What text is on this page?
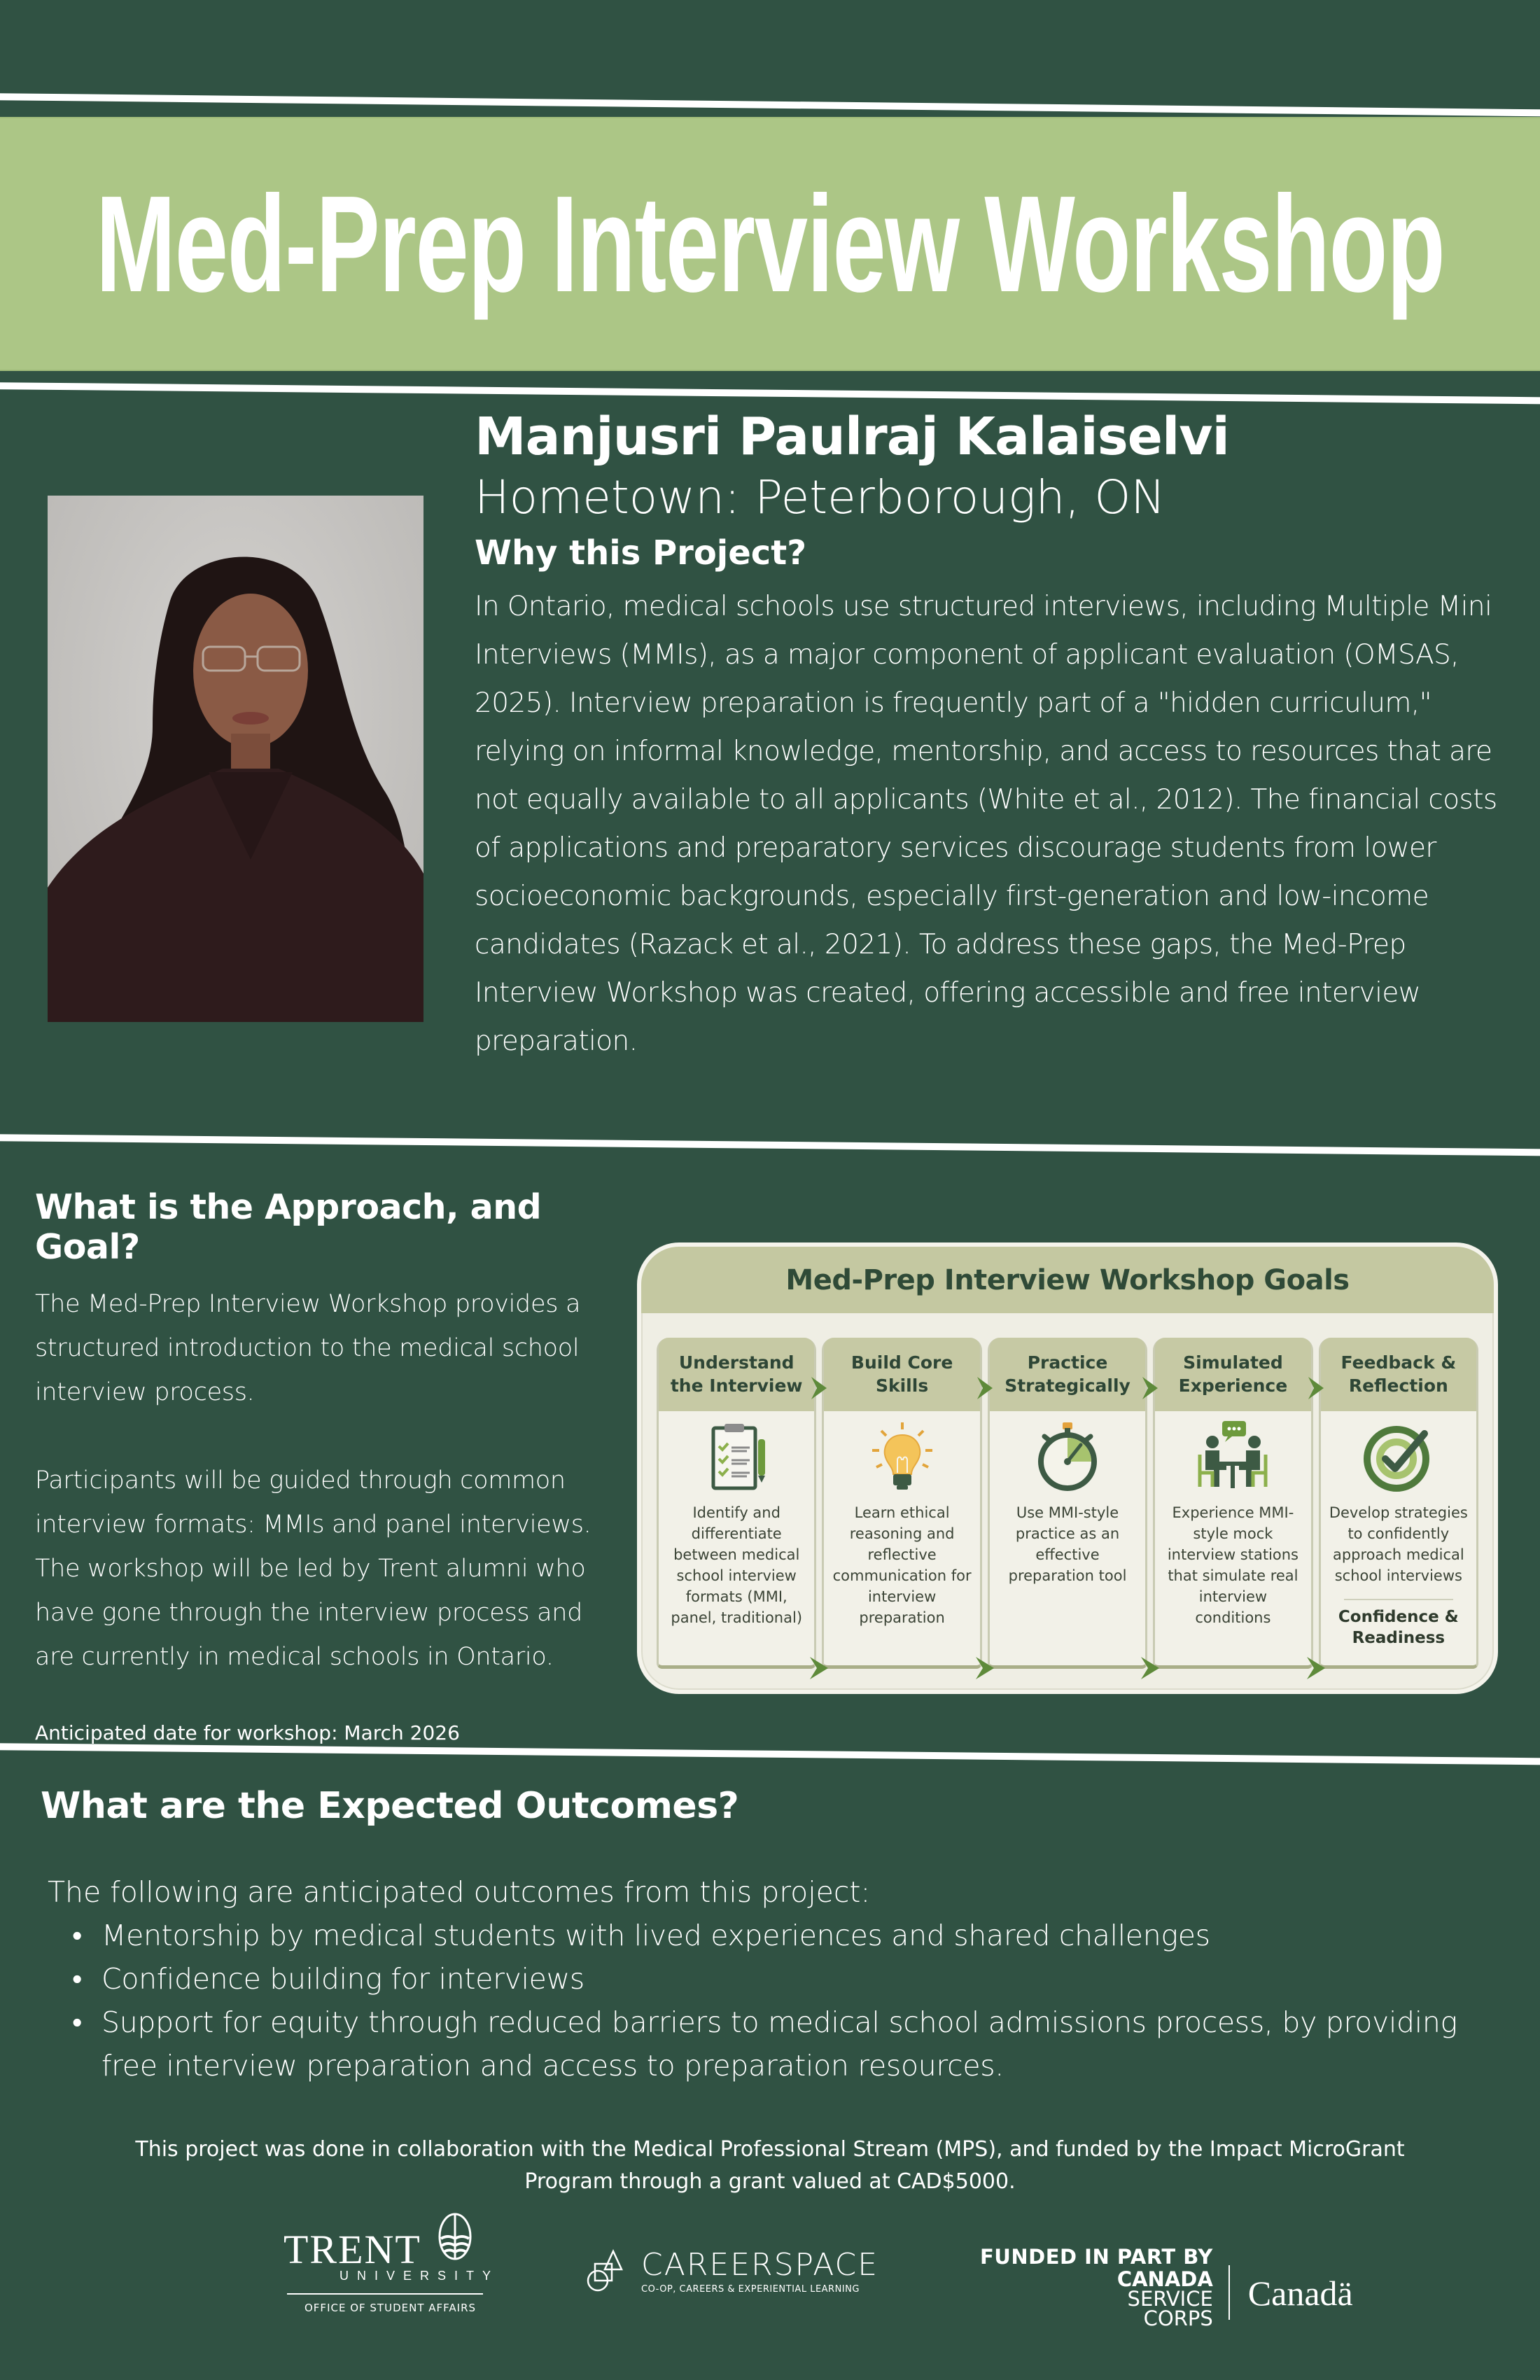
Med-Prep Interview Workshop
Manjusri Paulraj Kalaiselvi
Hometown: Peterborough, ON
Why this Project?

In Ontario, medical schools use structured interviews, including Multiple Mini Interviews (MMIs), as a major component of applicant evaluation (OMSAS, 2025). Interview preparation is frequently part of a "hidden curriculum," relying on informal knowledge, mentorship, and access to resources that are not equally available to all applicants (White et al., 2012). The financial costs of applications and preparatory services discourage students from lower socioeconomic backgrounds, especially first-generation and low-income candidates (Razack et al., 2021). To address these gaps, the Med-Prep Interview Workshop was created, offering accessible and free interview preparation.

What is the Approach, and Goal?

The Med-Prep Interview Workshop provides a structured introduction to the medical school interview process.

Participants will be guided through common interview formats: MMIs and panel interviews. The workshop will be led by Trent alumni who have gone through the interview process and are currently in medical schools in Ontario.

Anticipated date for workshop: March 2026
Med-Prep Interview Workshop Goals
Understand the Interview
Identify and differentiate between medical school interview formats (MMI, panel, traditional)
Build Core Skills
Learn ethical reasoning and reflective communication for interview preparation
Practice Strategically
Use MMI-style practice as an effective preparation tool
Simulated Experience
Experience MMI-style mock interview stations that simulate real interview conditions
Feedback & Reflection
Develop strategies to confidently approach medical school interviews
Confidence & Readiness
What are the Expected Outcomes?

The following are anticipated outcomes from this project:

• Mentorship by medical students with lived experiences and shared challenges
• Confidence building for interviews
• Support for equity through reduced barriers to medical school admissions process, by providing free interview preparation and access to preparation resources.

This project was done in collaboration with the Medical Professional Stream (MPS), and funded by the Impact MicroGrant Program through a grant valued at CAD$5000.

TRENT
UNIVERSITY
OFFICE OF STUDENT AFFAIRS
CAREERSPACE
CO-OP, CAREERS & EXPERIENTIAL LEARNING
FUNDED IN PART BY
CANADA
SERVICE
CORPS
Canadä
